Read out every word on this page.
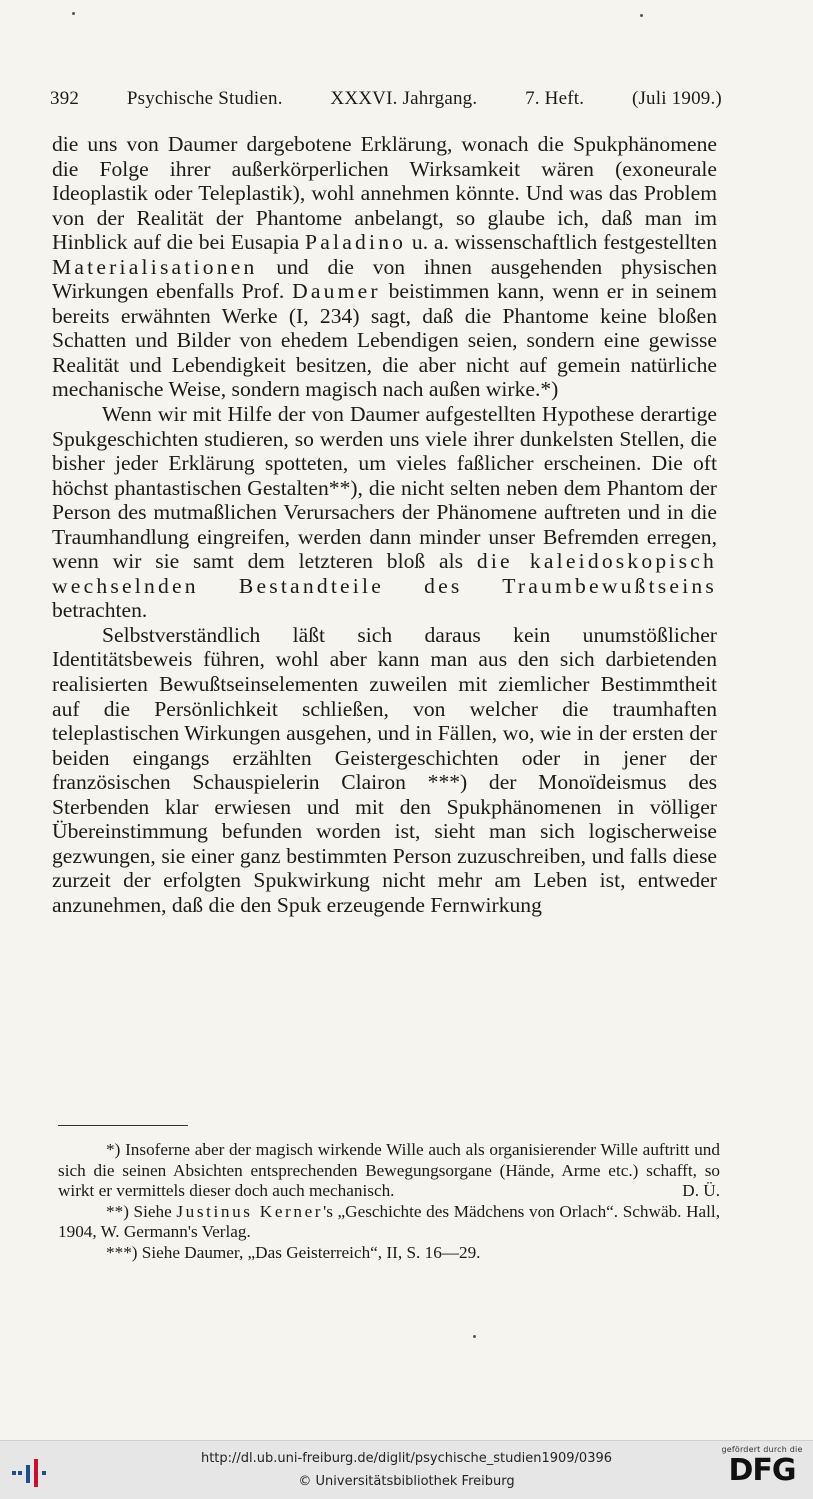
392	Psychische Studien.	XXXVI. Jahrgang.	7. Heft.	(Juli 1909.)

die uns von Daumer dargebotene Erklärung, wonach die Spukphänomene die Folge ihrer außerkörperlichen Wirksamkeit wären (exoneurale Ideoplastik oder Teleplastik), wohl annehmen könnte. Und was das Problem von der Realität der Phantome anbelangt, so glaube ich, daß man im Hinblick auf die bei Eusapia Paladino u. a. wissenschaftlich festgestellten Materialisationen und die von ihnen ausgehenden physischen Wirkungen ebenfalls Prof. Daumer beistimmen kann, wenn er in seinem bereits erwähnten Werke (I, 234) sagt, daß die Phantome keine bloßen Schatten und Bilder von ehedem Lebendigen seien, sondern eine gewisse Realität und Lebendigkeit besitzen, die aber nicht auf gemein natürliche mechanische Weise, sondern magisch nach außen wirke.*)

Wenn wir mit Hilfe der von Daumer aufgestellten Hypothese derartige Spukgeschichten studieren, so werden uns viele ihrer dunkelsten Stellen, die bisher jeder Erklärung spotteten, um vieles faßlicher erscheinen. Die oft höchst phantastischen Gestalten**), die nicht selten neben dem Phantom der Person des mutmaßlichen Verursachers der Phänomene auftreten und in die Traumhandlung eingreifen, werden dann minder unser Befremden erregen, wenn wir sie samt dem letzteren bloß als die kaleidoskopisch wechselnden Bestandteile des Traumbewußtseins betrachten.

Selbstverständlich läßt sich daraus kein unumstößlicher Identitätsbeweis führen, wohl aber kann man aus den sich darbietenden realisierten Bewußtseinselementen zuweilen mit ziemlicher Bestimmtheit auf die Persönlichkeit schließen, von welcher die traumhaften teleplastischen Wirkungen ausgehen, und in Fällen, wo, wie in der ersten der beiden eingangs erzählten Geistergeschichten oder in jener der französischen Schauspielerin Clairon ***) der Monoïdeismus des Sterbenden klar erwiesen und mit den Spukphänomenen in völliger Übereinstimmung befunden worden ist, sieht man sich logischerweise gezwungen, sie einer ganz bestimmten Person zuzuschreiben, und falls diese zurzeit der erfolgten Spukwirkung nicht mehr am Leben ist, entweder anzunehmen, daß die den Spuk erzeugende Fernwirkung

*) Insoferne aber der magisch wirkende Wille auch als organisierender Wille auftritt und sich die seinen Absichten entsprechenden Bewegungsorgane (Hände, Arme etc.) schafft, so wirkt er vermittels dieser doch auch mechanisch.	D. Ü.

**) Siehe Justinus Kerner's „Geschichte des Mädchens von Orlach“. Schwäb. Hall, 1904, W. Germann's Verlag.

***) Siehe Daumer, „Das Geisterreich“, II, S. 16—29.

http://dl.ub.uni-freiburg.de/diglit/psychische_studien1909/0396
© Universitätsbibliothek Freiburg
gefördert durch die
DFG
